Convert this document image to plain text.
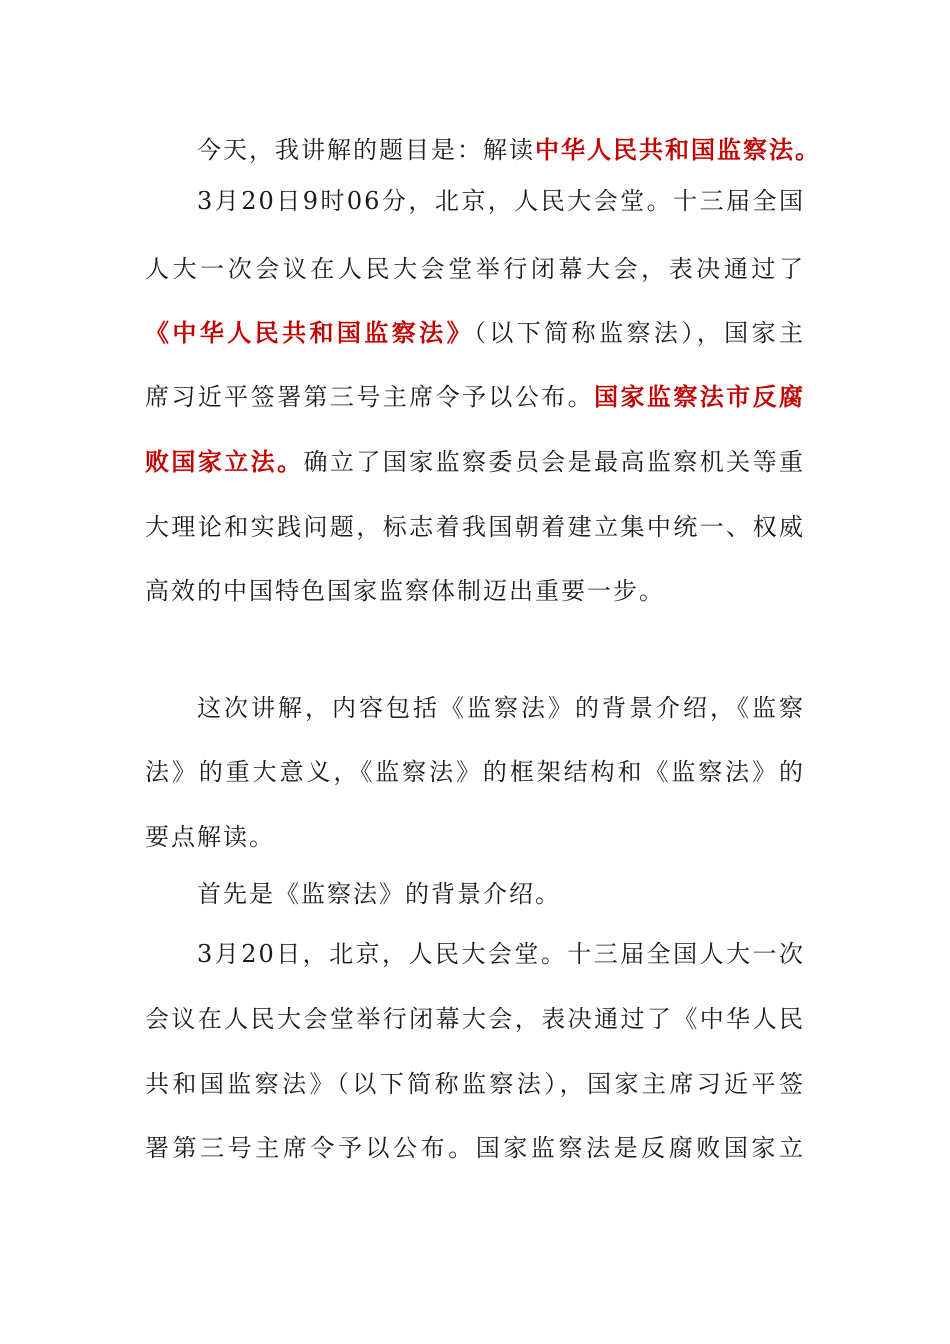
今天，我讲解的题目是：解读中华人民共和国监察法。
3月20日9时06分，北京，人民大会堂。十三届全国
人大一次会议在人民大会堂举行闭幕大会，表决通过了
《中华人民共和国监察法》（以下简称监察法），国家主
席习近平签署第三号主席令予以公布。国家监察法市反腐
败国家立法。确立了国家监察委员会是最高监察机关等重
大理论和实践问题，标志着我国朝着建立集中统一、权威
高效的中国特色国家监察体制迈出重要一步。
这次讲解，内容包括《监察法》的背景介绍，《监察
法》的重大意义，《监察法》的框架结构和《监察法》的
要点解读。
首先是《监察法》的背景介绍。
3月20日，北京，人民大会堂。十三届全国人大一次
会议在人民大会堂举行闭幕大会，表决通过了《中华人民
共和国监察法》（以下简称监察法），国家主席习近平签
署第三号主席令予以公布。国家监察法是反腐败国家立
